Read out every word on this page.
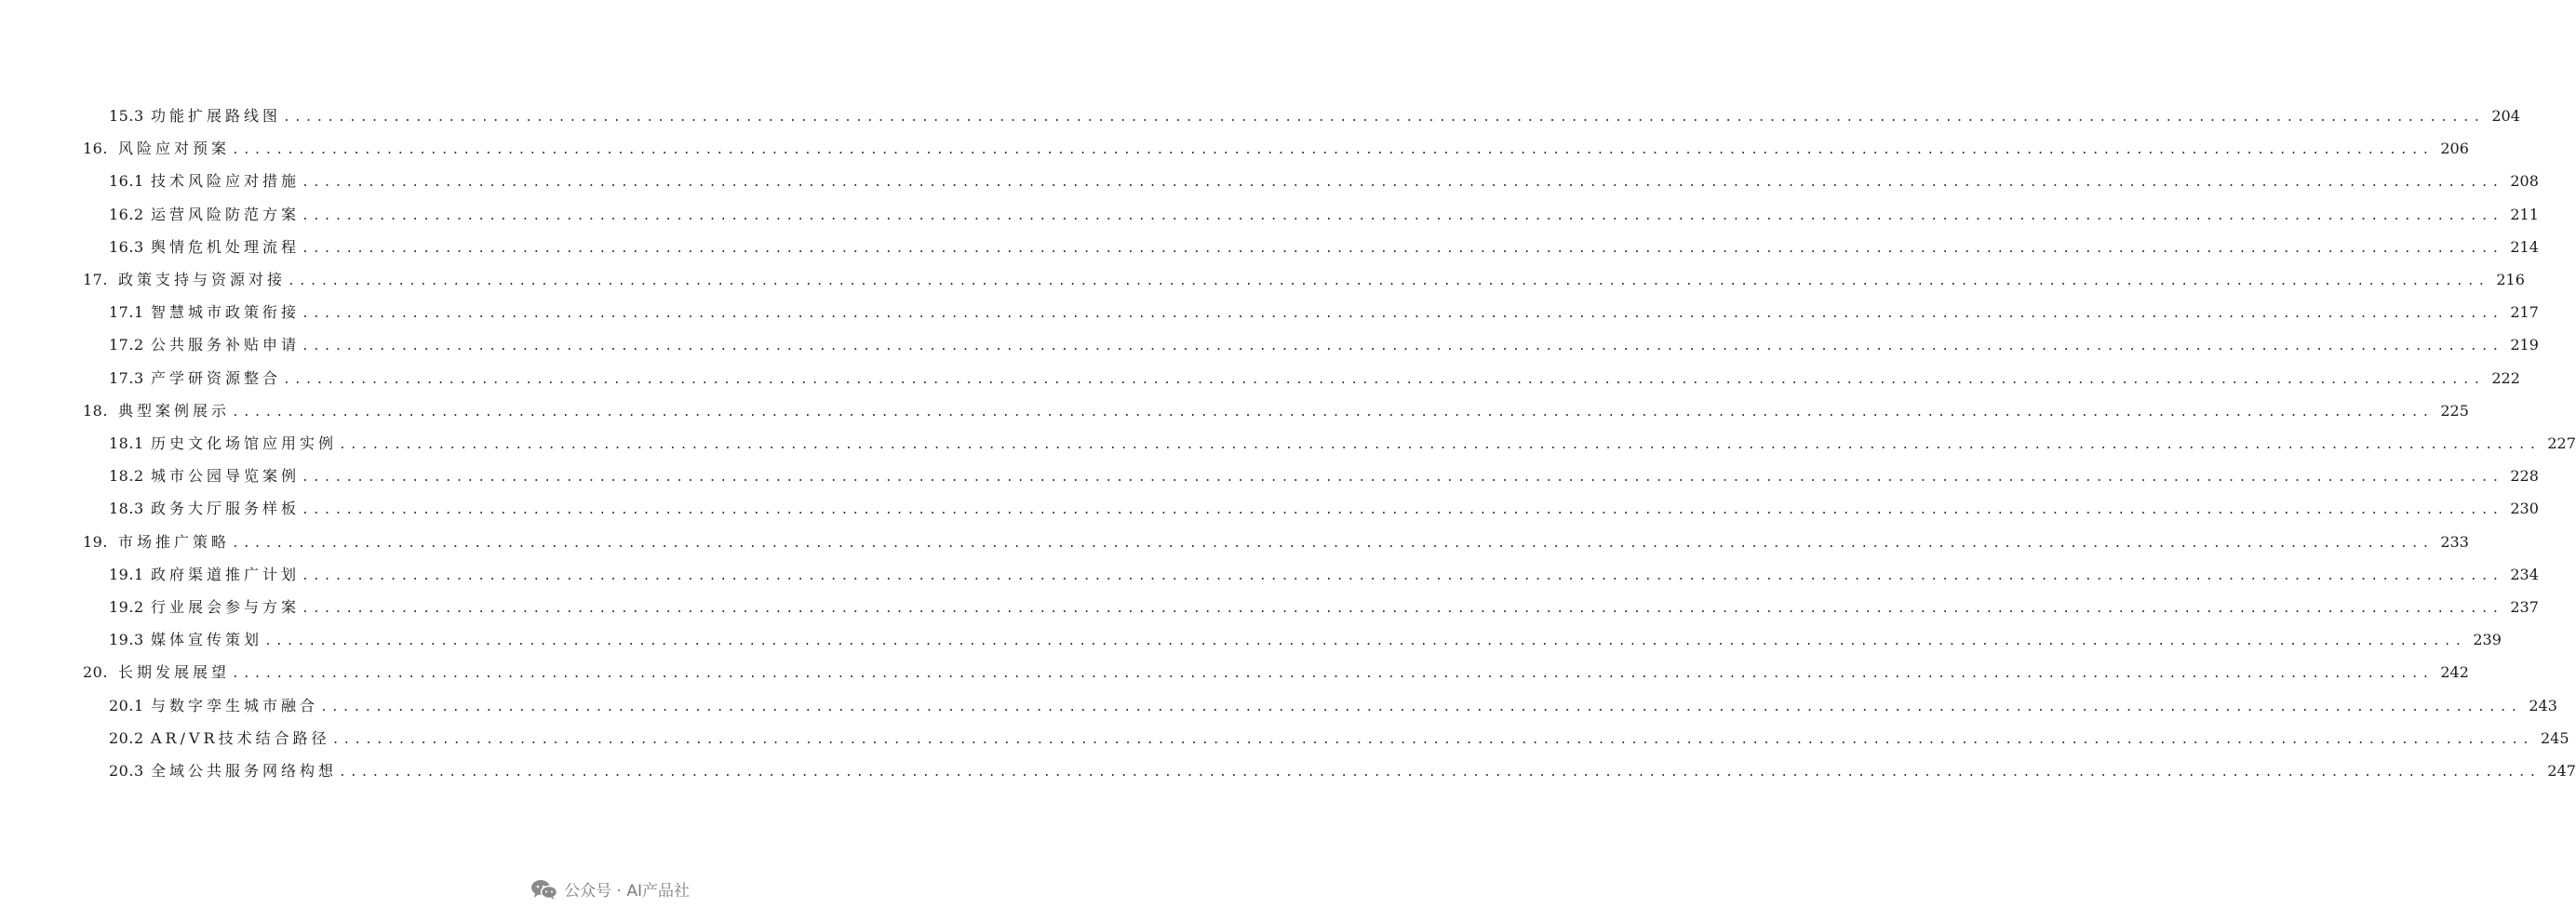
15.3 功能扩展路线图 ........................................................................................................................................................................................................ 204
16. 风险应对预案 ........................................................................................................................................................................................................ 206
16.1 技术风险应对措施 ........................................................................................................................................................................................................ 208
16.2 运营风险防范方案 ........................................................................................................................................................................................................ 211
16.3 舆情危机处理流程 ........................................................................................................................................................................................................ 214
17. 政策支持与资源对接 ........................................................................................................................................................................................................ 216
17.1 智慧城市政策衔接 ........................................................................................................................................................................................................ 217
17.2 公共服务补贴申请 ........................................................................................................................................................................................................ 219
17.3 产学研资源整合 ........................................................................................................................................................................................................ 222
18. 典型案例展示 ........................................................................................................................................................................................................ 225
18.1 历史文化场馆应用实例 ........................................................................................................................................................................................................ 227
18.2 城市公园导览案例 ........................................................................................................................................................................................................ 228
18.3 政务大厅服务样板 ........................................................................................................................................................................................................ 230
19. 市场推广策略 ........................................................................................................................................................................................................ 233
19.1 政府渠道推广计划 ........................................................................................................................................................................................................ 234
19.2 行业展会参与方案 ........................................................................................................................................................................................................ 237
19.3 媒体宣传策划 ........................................................................................................................................................................................................ 239
20. 长期发展展望 ........................................................................................................................................................................................................ 242
20.1 与数字孪生城市融合 ........................................................................................................................................................................................................ 243
20.2 AR/VR技术结合路径 ........................................................................................................................................................................................................ 245
20.3 全域公共服务网络构想 ........................................................................................................................................................................................................ 247
公众号 · AI产品社
